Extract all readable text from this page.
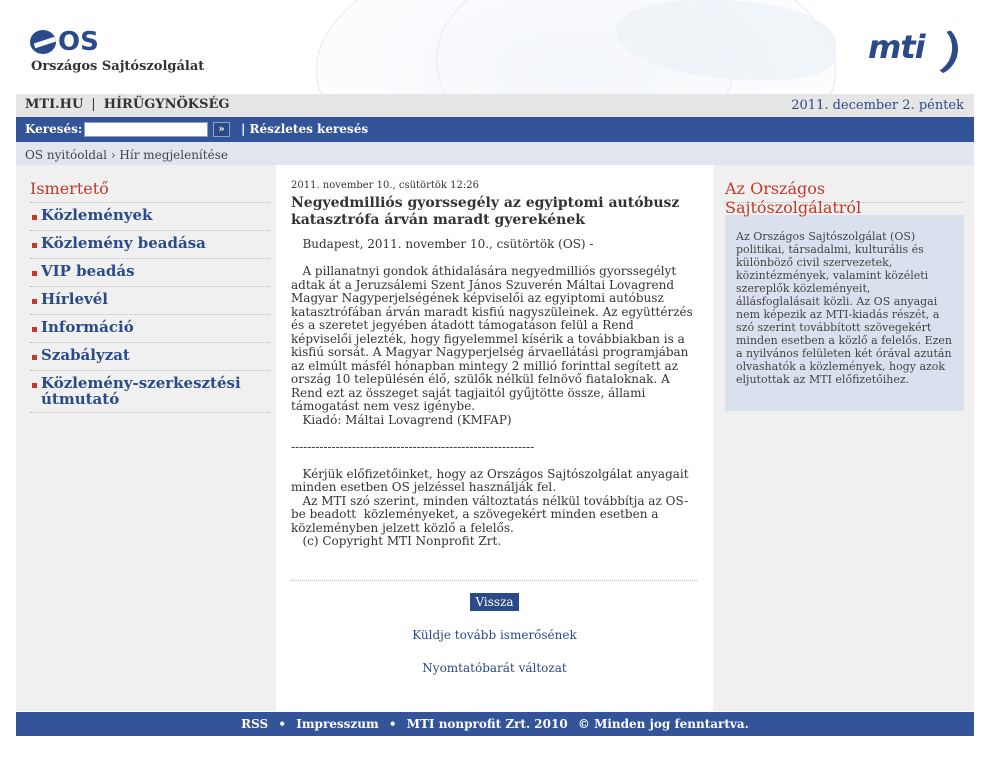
OS
Országos Sajtószolgálat
mti
MTI.HU | HÍRÜGYNÖKSÉG	2011. december 2. péntek
Keresés:	»	| Részletes keresés
OS nyitóoldal › Hír megjelenítése
Ismertető
Közlemények
Közlemény beadása
VIP beadás
Hírlevél
Információ
Szabályzat
Közlemény-szerkesztési útmutató
2011. november 10., csütörtök 12:26
Negyedmilliós gyorssegély az egyiptomi autóbusz katasztrófa árván maradt gyerekének
Budapest, 2011. november 10., csütörtök (OS) -

A pillanatnyi gondok áthidalására negyedmilliós gyorssegélyt adtak át a Jeruzsálemi Szent János Szuverén Máltai Lovagrend Magyar Nagyperjelségének képviselői az egyiptomi autóbusz katasztrófában árván maradt kisfiú nagyszüleinek. Az együttérzés és a szeretet jegyében átadott támogatáson felül a Rend képviselői jelezték, hogy figyelemmel kísérik a továbbiakban is a kisfiú sorsát. A Magyar Nagyperjelség árvaellátási programjában az elmúlt másfél hónapban mintegy 2 millió forinttal segített az ország 10 településén élő, szülők nélkül felnövő fiataloknak. A Rend ezt az összeget saját tagjaitól gyűjtötte össze, állami támogatást nem vesz igénybe.
Kiadó: Máltai Lovagrend (KMFAP)

------------------------------------------------------------

Kérjük előfizetőinket, hogy az Országos Sajtószolgálat anyagait minden esetben OS jelzéssel használják fel.
Az MTI szó szerint, minden változtatás nélkül továbbítja az OS-be beadott  közleményeket, a szövegekért minden esetben a közleményben jelzett közlő a felelős.
(c) Copyright MTI Nonprofit Zrt.
Vissza
Küldje tovább ismerősének
Nyomtatóbarát változat
Az Országos Sajtószolgálatról
Az Országos Sajtószolgálat (OS) politikai, társadalmi, kulturális és különböző civil szervezetek, közintézmények, valamint közéleti szereplők közleményeit, állásfoglalásait közli. Az OS anyagai nem képezik az MTI-kiadás részét, a szó szerint továbbított szövegekért minden esetben a közlő a felelős. Ezen a nyilvános felületen két órával azután olvashatók a közlemények, hogy azok eljutottak az MTI előfizetőihez.
RSS • Impresszum • MTI nonprofit Zrt. 2010 © Minden jog fenntartva.
